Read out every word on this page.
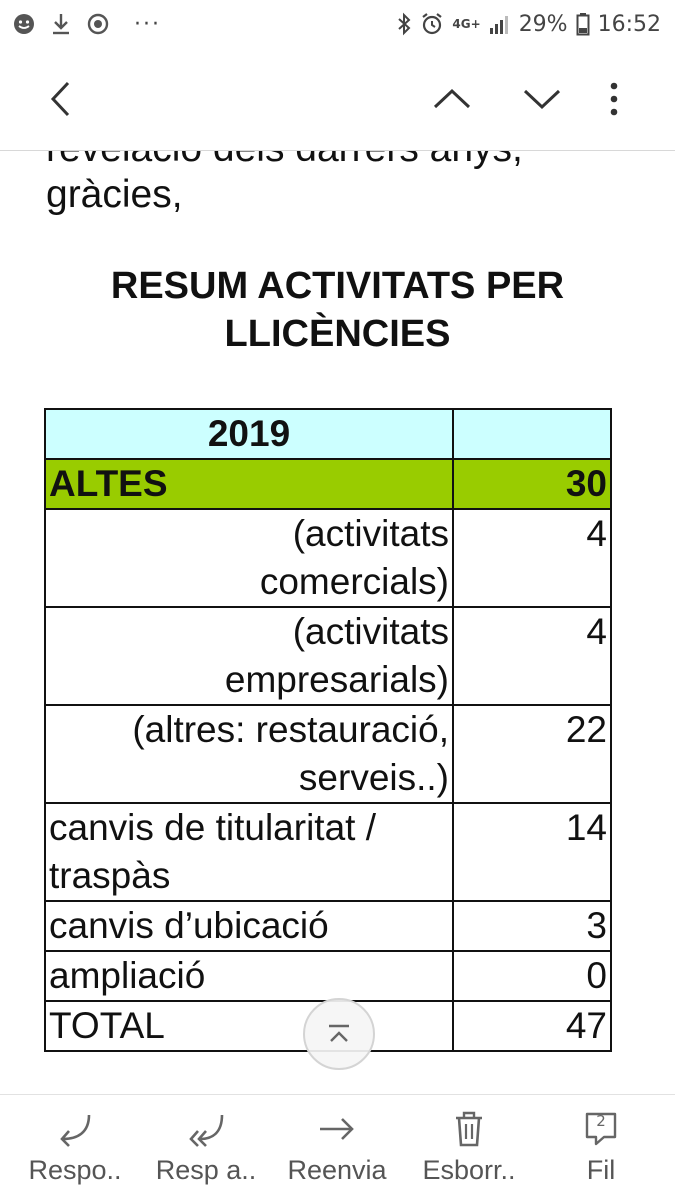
···	4G+ 29% 16:52

gràcies,

RESUM ACTIVITATS PER
LLICÈNCIES
2019	
ALTES	30
(activitats
comercials)	4
(activitats
empresarials)	4
(altres: restauració,
serveis..)	22
canvis de titularitat /
traspàs	14
canvis d’ubicació	3
ampliació	0
TOTAL	47
Respo.. Resp a.. Reenvia Esborr..
2
Fil
